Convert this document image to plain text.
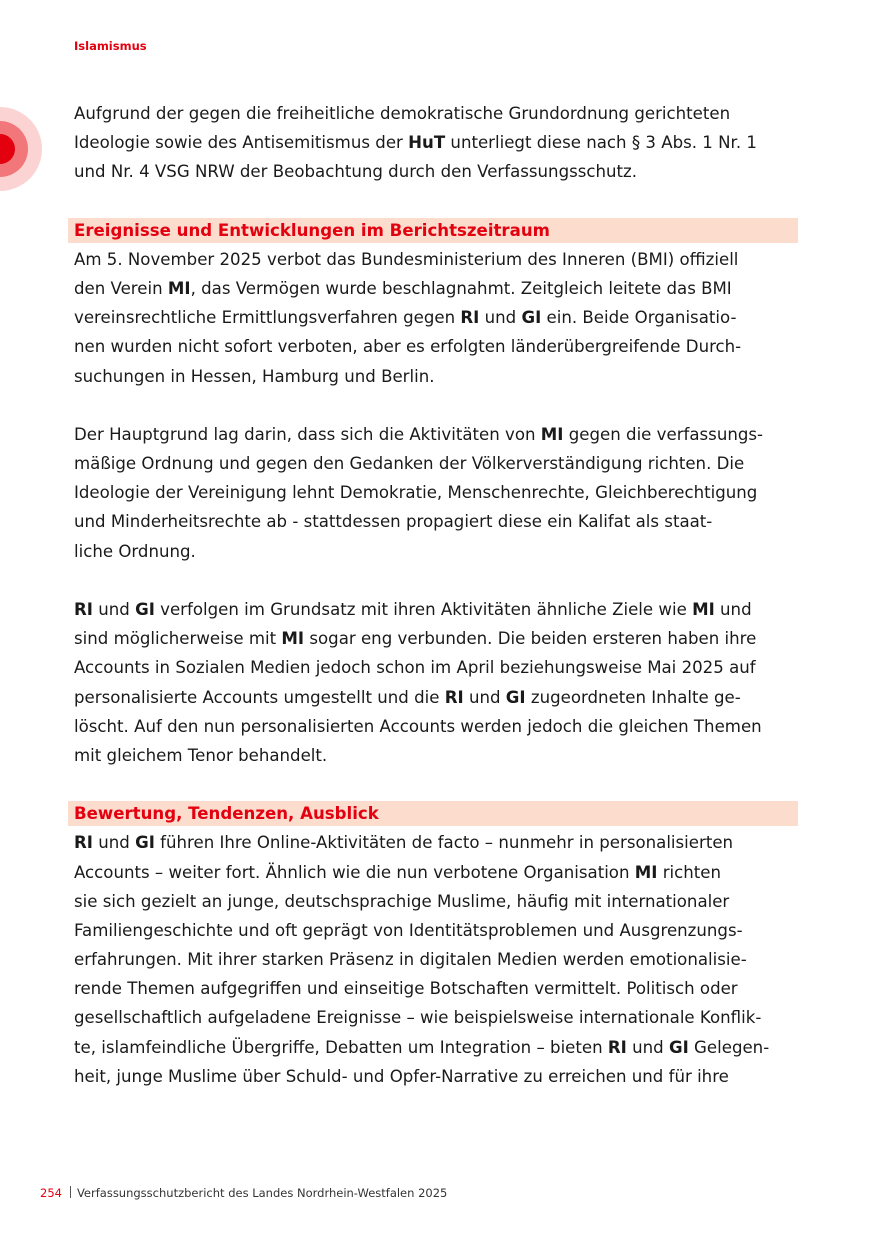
Islamismus
Aufgrund der gegen die freiheitliche demokratische Grundordnung gerichteten
Ideologie sowie des Antisemitismus der HuT unterliegt diese nach § 3 Abs. 1 Nr. 1
und Nr. 4 VSG NRW der Beobachtung durch den Verfassungsschutz.
Ereignisse und Entwicklungen im Berichtszeitraum
Am 5. November 2025 verbot das Bundesministerium des Inneren (BMI) offiziell
den Verein MI, das Vermögen wurde beschlagnahmt. Zeitgleich leitete das BMI
vereinsrechtliche Ermittlungsverfahren gegen RI und GI ein. Beide Organisatio-
nen wurden nicht sofort verboten, aber es erfolgten länderübergreifende Durch-
suchungen in Hessen, Hamburg und Berlin.
Der Hauptgrund lag darin, dass sich die Aktivitäten von MI gegen die verfassungs-
mäßige Ordnung und gegen den Gedanken der Völkerverständigung richten. Die
Ideologie der Vereinigung lehnt Demokratie, Menschenrechte, Gleichberechtigung
und Minderheitsrechte ab - stattdessen propagiert diese ein Kalifat als staat-
liche Ordnung.
RI und GI verfolgen im Grundsatz mit ihren Aktivitäten ähnliche Ziele wie MI und
sind möglicherweise mit MI sogar eng verbunden. Die beiden ersteren haben ihre
Accounts in Sozialen Medien jedoch schon im April beziehungsweise Mai 2025 auf
personalisierte Accounts umgestellt und die RI und GI zugeordneten Inhalte ge-
löscht. Auf den nun personalisierten Accounts werden jedoch die gleichen Themen
mit gleichem Tenor behandelt.
Bewertung, Tendenzen, Ausblick
RI und GI führen Ihre Online-Aktivitäten de facto – nunmehr in personalisierten
Accounts – weiter fort. Ähnlich wie die nun verbotene Organisation MI richten
sie sich gezielt an junge, deutschsprachige Muslime, häufig mit internationaler
Familiengeschichte und oft geprägt von Identitätsproblemen und Ausgrenzungs-
erfahrungen. Mit ihrer starken Präsenz in digitalen Medien werden emotionalisie-
rende Themen aufgegriffen und einseitige Botschaften vermittelt. Politisch oder
gesellschaftlich aufgeladene Ereignisse – wie beispielsweise internationale Konflik-
te, islamfeindliche Übergriffe, Debatten um Integration – bieten RI und GI Gelegen-
heit, junge Muslime über Schuld- und Opfer-Narrative zu erreichen und für ihre
254 Verfassungsschutzbericht des Landes Nordrhein-Westfalen 2025
